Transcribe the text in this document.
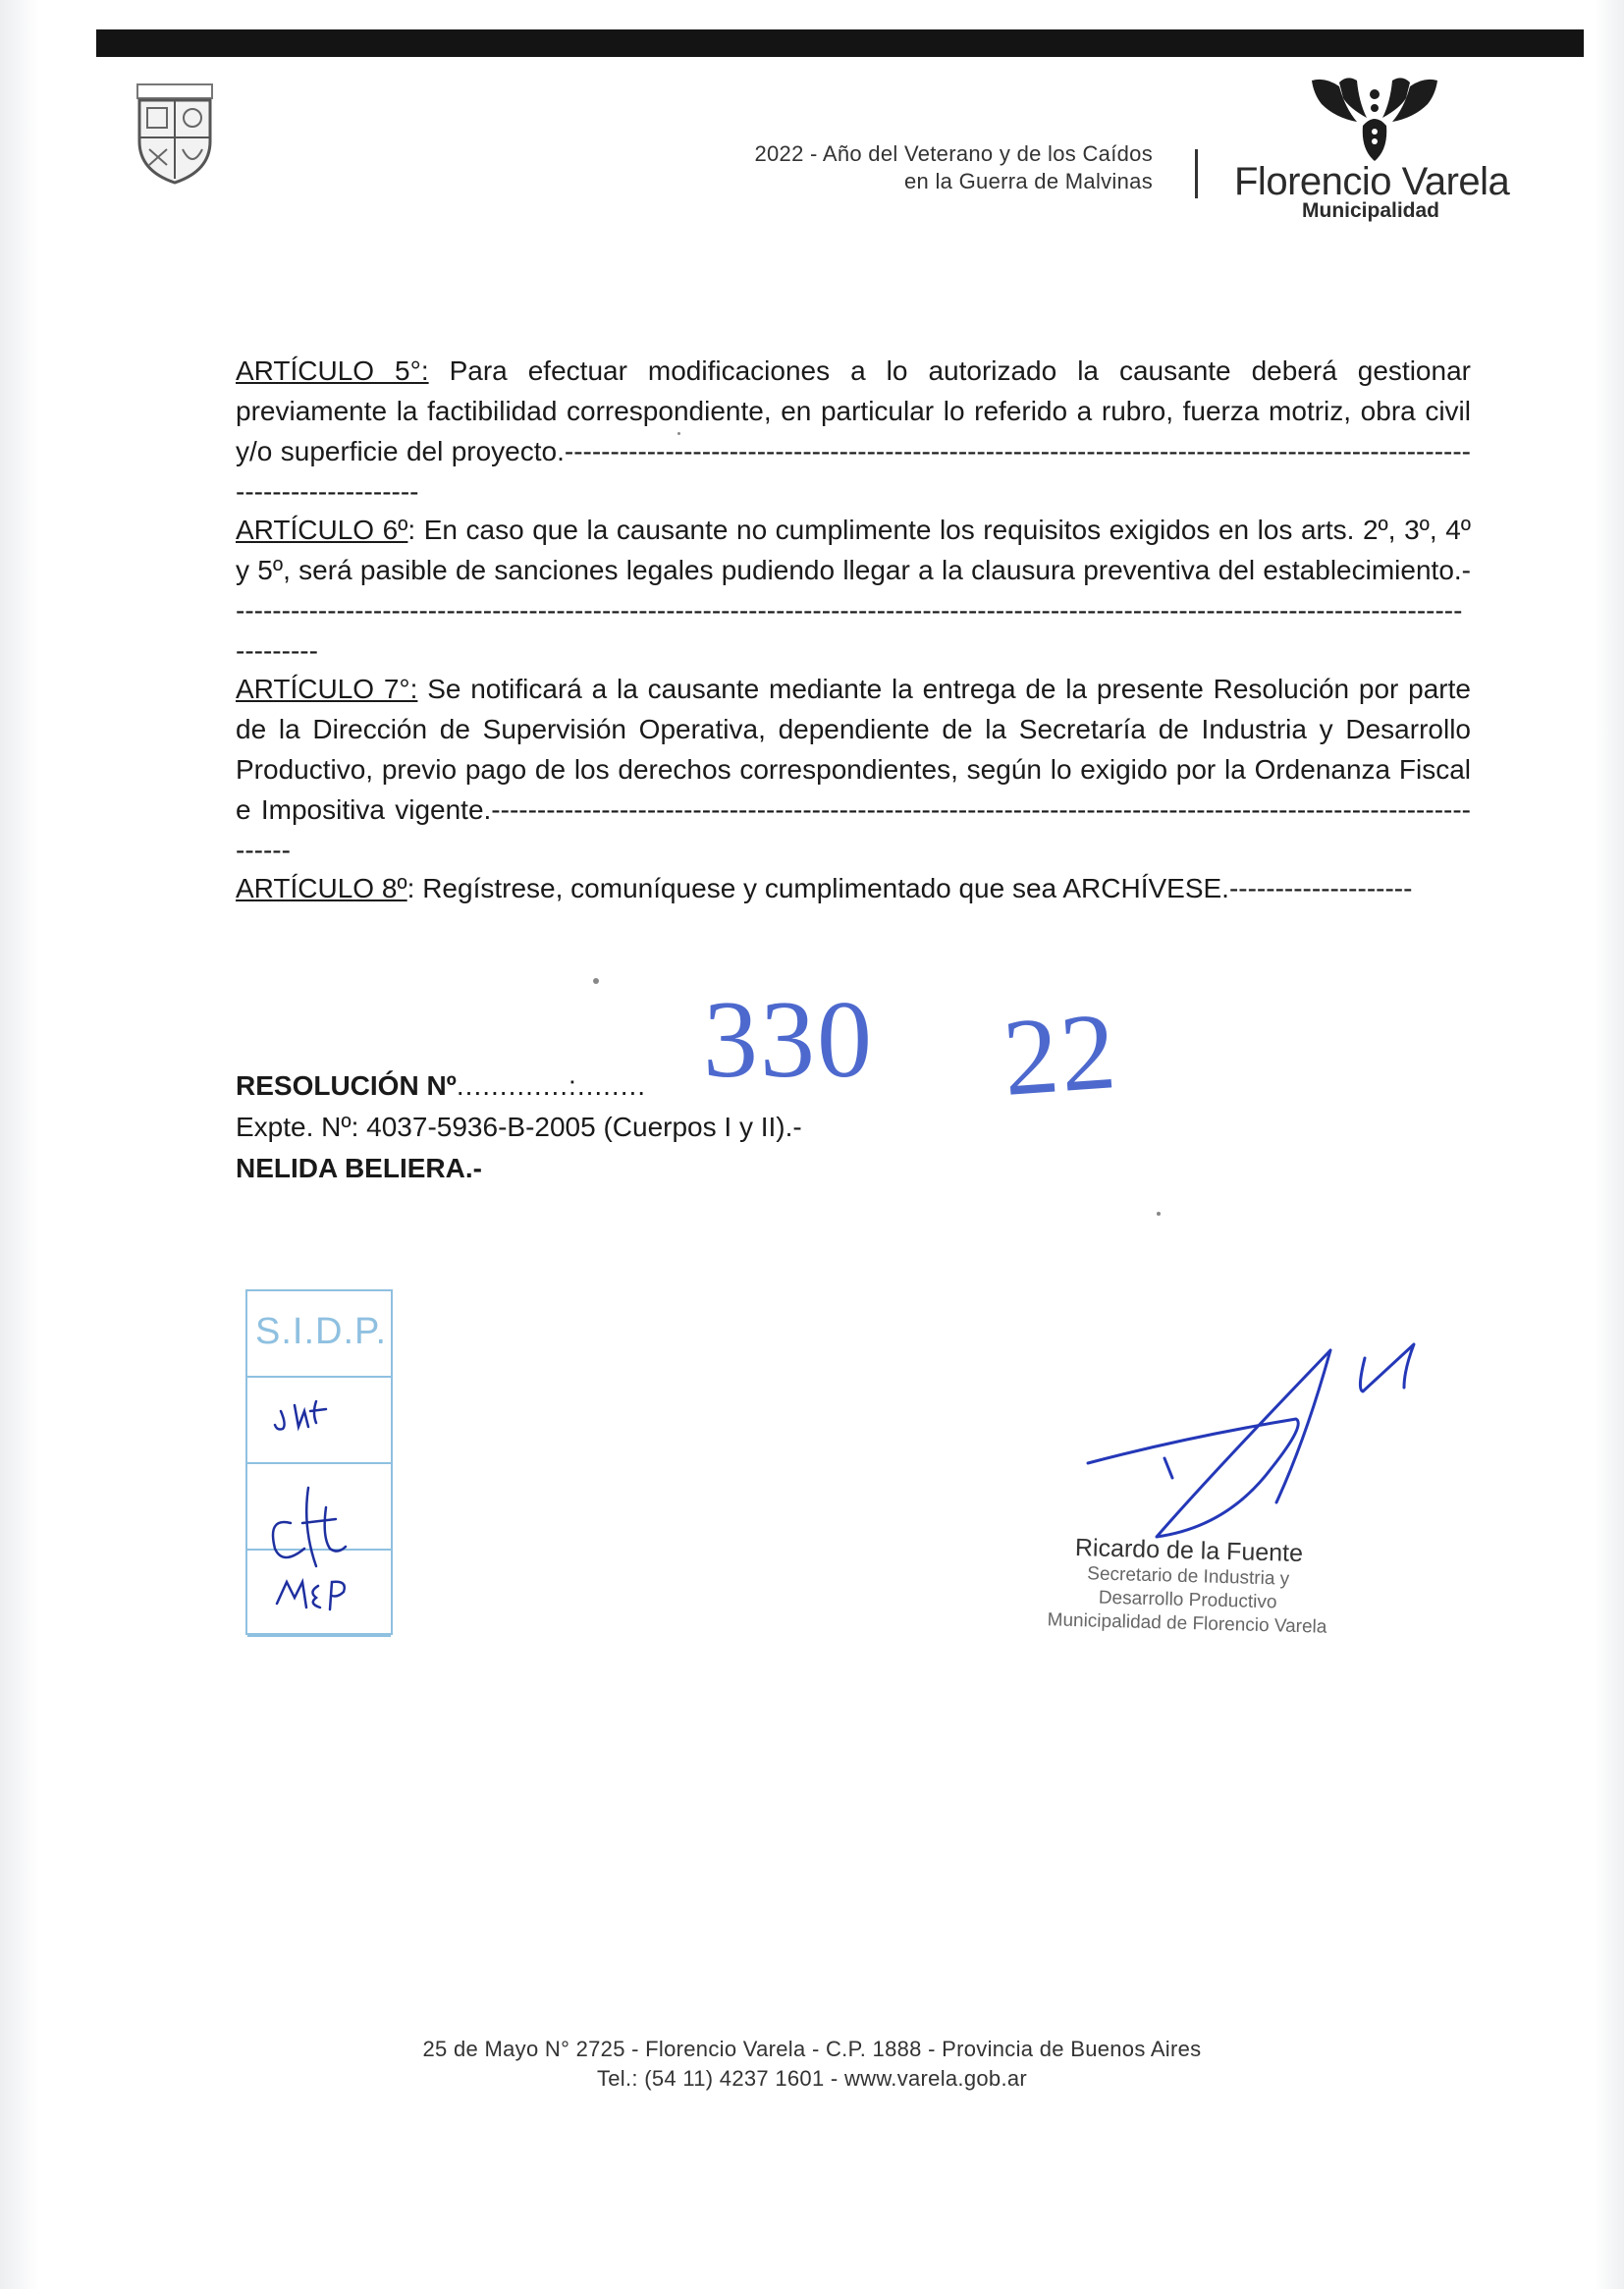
2022 - Año del Veterano y de los Caídos
en la Guerra de Malvinas Florencio Varela
Municipalidad

ARTÍCULO 5°: Para efectuar modificaciones a lo autorizado la causante deberá gestionar previamente la factibilidad correspondiente, en particular lo referido a rubro, fuerza motriz, obra civil y/o superficie del proyecto.-----------------------------------------------------------------------------------------------------------------------

ARTÍCULO 6º: En caso que la causante no cumplimente los requisitos exigidos en los arts. 2º, 3º, 4º y 5º, será pasible de sanciones legales pudiendo llegar a la clausura preventiva del establecimiento.------------------------------------------------------------------------------------------------------------------------------------------------

ARTÍCULO 7°: Se notificará a la causante mediante la entrega de la presente Resolución por parte de la Dirección de Supervisión Operativa, dependiente de la Secretaría de Industria y Desarrollo Productivo, previo pago de los derechos correspondientes, según lo exigido por la Ordenanza Fiscal e Impositiva vigente.-----------------------------------------------------------------------------------------------------------------

ARTÍCULO 8º: Regístrese, comuníquese y cumplimentado que sea ARCHÍVESE.--------------------

330 22
RESOLUCIÓN Nº.............:........
Expte. Nº: 4037-5936-B-2005 (Cuerpos I y II).-
NELIDA BELIERA.-
S.I.D.P.
Ricardo de la Fuente
Secretario de Industria y
Desarrollo Productivo
Municipalidad de Florencio Varela
25 de Mayo N° 2725 - Florencio Varela - C.P. 1888 - Provincia de Buenos Aires
Tel.: (54 11) 4237 1601 - www.varela.gob.ar
